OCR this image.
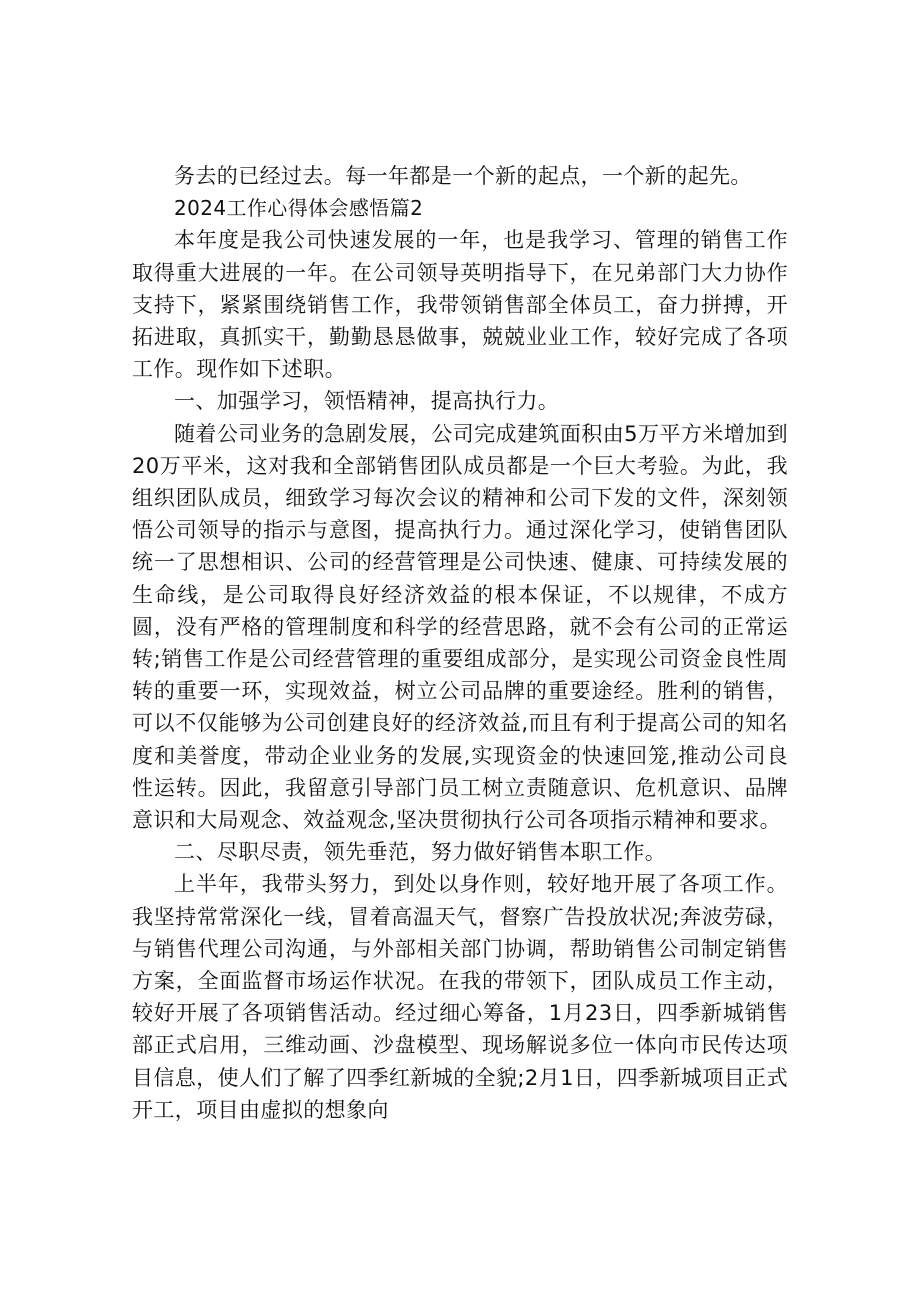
务去的已经过去。每一年都是一个新的起点，一个新的起先。

2024工作心得体会感悟篇2

本年度是我公司快速发展的一年，也是我学习、管理的销售工作取得重大进展的一年。在公司领导英明指导下，在兄弟部门大力协作支持下，紧紧围绕销售工作，我带领销售部全体员工，奋力拼搏，开拓进取，真抓实干，勤勤恳恳做事，兢兢业业工作，较好完成了各项工作。现作如下述职。

一、加强学习，领悟精神，提高执行力。

随着公司业务的急剧发展，公司完成建筑面积由5万平方米增加到20万平米，这对我和全部销售团队成员都是一个巨大考验。为此，我组织团队成员，细致学习每次会议的精神和公司下发的文件，深刻领悟公司领导的指示与意图，提高执行力。通过深化学习，使销售团队统一了思想相识、公司的经营管理是公司快速、健康、可持续发展的生命线，是公司取得良好经济效益的根本保证，不以规律，不成方圆，没有严格的管理制度和科学的经营思路，就不会有公司的正常运转;销售工作是公司经营管理的重要组成部分，是实现公司资金良性周转的重要一环，实现效益，树立公司品牌的重要途经。胜利的销售，可以不仅能够为公司创建良好的经济效益,而且有利于提高公司的知名度和美誉度，带动企业业务的发展,实现资金的快速回笼,推动公司良性运转。因此，我留意引导部门员工树立责随意识、危机意识、品牌意识和大局观念、效益观念,坚决贯彻执行公司各项指示精神和要求。

二、尽职尽责，领先垂范，努力做好销售本职工作。

上半年，我带头努力，到处以身作则，较好地开展了各项工作。我坚持常常深化一线，冒着高温天气，督察广告投放状况;奔波劳碌，与销售代理公司沟通，与外部相关部门协调，帮助销售公司制定销售方案，全面监督市场运作状况。在我的带领下，团队成员工作主动，较好开展了各项销售活动。经过细心筹备，1月23日，四季新城销售部正式启用，三维动画、沙盘模型、现场解说多位一体向市民传达项目信息，使人们了解了四季红新城的全貌;2月1日，四季新城项目正式开工，项目由虚拟的想象向
